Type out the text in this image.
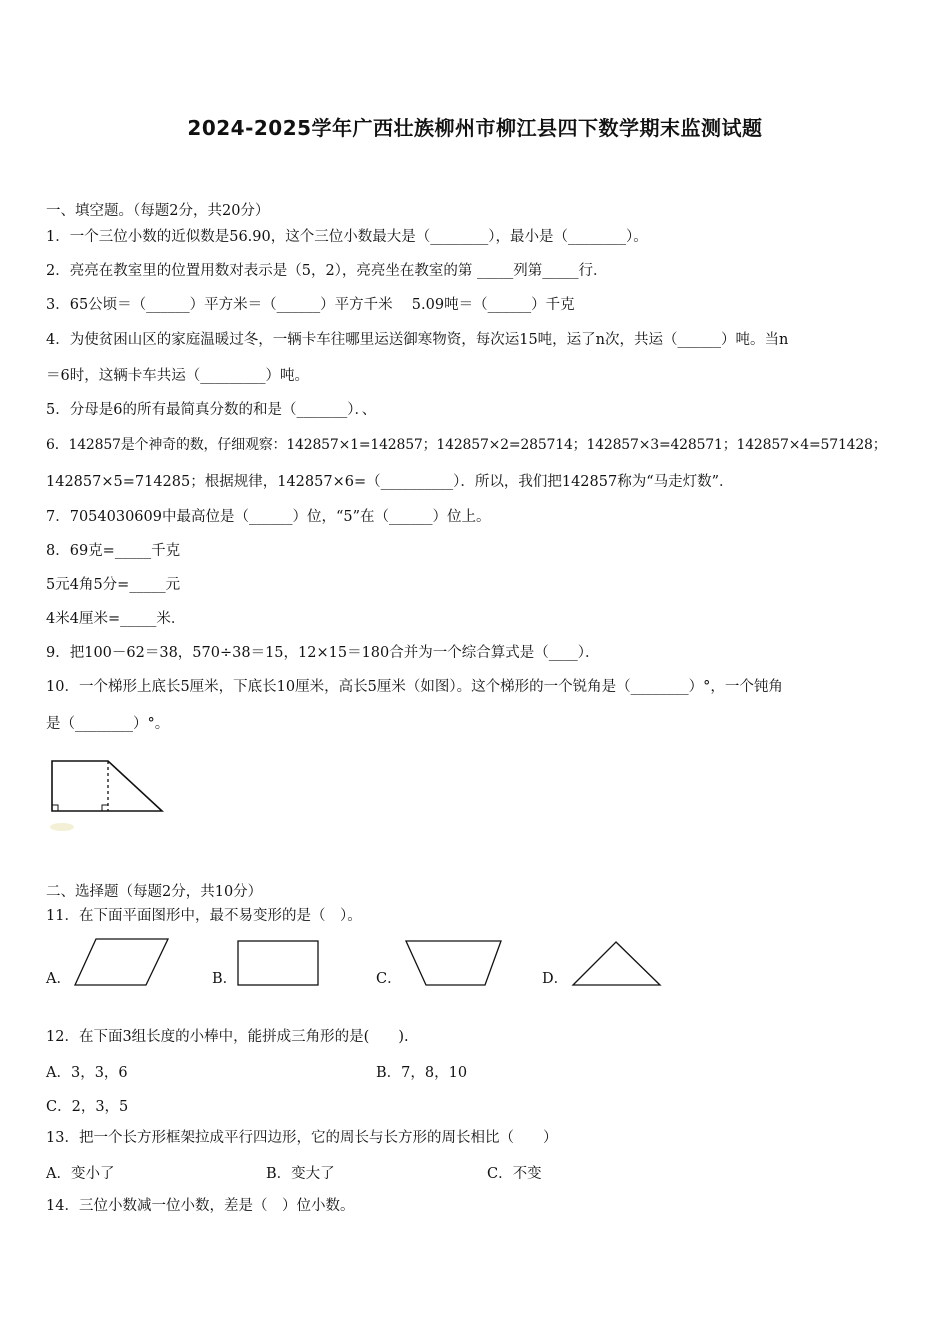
2024-2025学年广西壮族柳州市柳江县四下数学期末监测试题
一、填空题。（每题2分，共20分）
1．一个三位小数的近似数是56.90，这个三位小数最大是（________），最小是（________）。
2．亮亮在教室里的位置用数对表示是（5，2），亮亮坐在教室的第 _____列第_____行．
3．65公顷＝（______）平方米＝（______）平方千米　 5.09吨＝（______）千克
4．为使贫困山区的家庭温暖过冬，一辆卡车往哪里运送御寒物资，每次运15吨，运了n次，共运（______）吨。当n
＝6时，这辆卡车共运（_________）吨。
5．分母是6的所有最简真分数的和是（_______）．、
6．142857是个神奇的数，仔细观察：142857×1=142857；142857×2=285714；142857×3=428571；142857×4=571428；
142857×5=714285；根据规律，142857×6=（__________）．所以，我们把142857称为“马走灯数”．
7．7054030609中最高位是（______）位，“5”在（______）位上。
8．69克=_____千克
5元4角5分=_____元
4米4厘米=_____米．
9．把100－62＝38，570÷38＝15，12×15＝180合并为一个综合算式是（____）．
10．一个梯形上底长5厘米，下底长10厘米，高长5厘米（如图）。这个梯形的一个锐角是（________）°，一个钝角
是（________）°。
二、选择题（每题2分，共10分）
11．在下面平面图形中，最不易变形的是（　）。
A．	B．	C．	D．
12．在下面3组长度的小棒中，能拼成三角形的是(　　).
A．3，3，6	B．7，8，10
C．2，3，5
13．把一个长方形框架拉成平行四边形，它的周长与长方形的周长相比（　　）
A．变小了	B．变大了	C．不变
14．三位小数减一位小数，差是（　）位小数。
